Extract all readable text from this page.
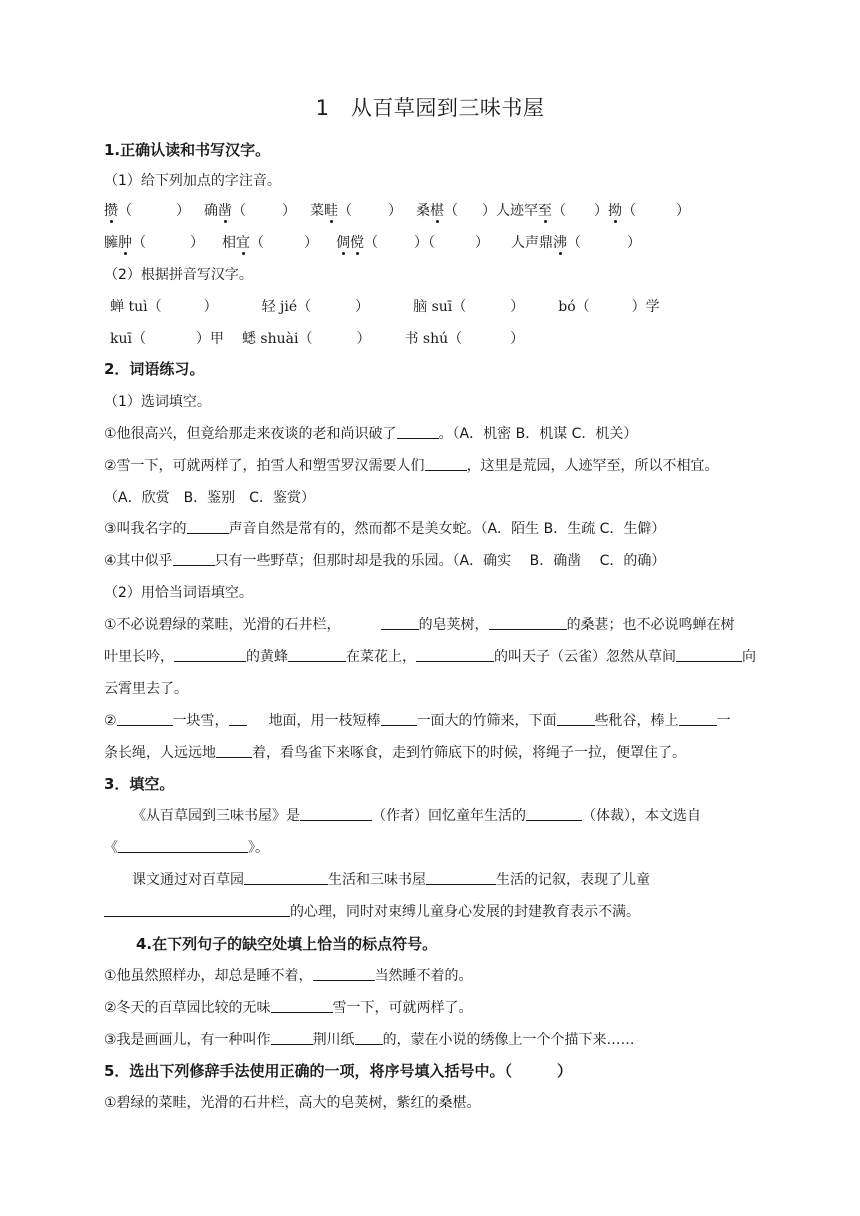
1　从百草园到三味书屋
1.正确认读和书写汉字。
（1）给下列加点的字注音。
攒（	） 确凿（	） 菜畦（	） 桑椹（ ）人迹罕至（ ）拗（	）
臃肿（	） 相宜（	） 倜傥（	）（	） 人声鼎沸（	）
（2）根据拼音写汉字。
蝉 tuì（	）	轻 jié（	）	脑 suī（	） bó（	）学
kuī（	）甲 蟋 shuài（	） 书 shú（	）
2．词语练习。
（1）选词填空。
①他很高兴，但竟给那走来夜谈的老和尚识破了	。（A．机密 B．机谋 C．机关）
②雪一下，可就两样了，拍雪人和塑雪罗汉需要人们	，这里是荒园，人迹罕至，所以不相宜。
（A．欣赏　B．鉴别　C．鉴赏）
③叫我名字的	声音自然是常有的，然而都不是美女蛇。（A．陌生 B．生疏 C．生僻）
④其中似乎	只有一些野草；但那时却是我的乐园。（A．确实　 B．确凿　 C．的确）
（2）用恰当词语填空。
①不必说碧绿的菜畦，光滑的石井栏，	的皂荚树，	的桑葚；也不必说鸣蝉在树
叶里长吟，	的黄蜂	在菜花上，	的叫天子（云雀）忽然从草间	向
云霄里去了。
②	一块雪，	地面，用一枝短棒	一面大的竹筛来，下面	些秕谷，棒上	一
条长绳，人远远地	着，看鸟雀下来啄食，走到竹筛底下的时候，将绳子一拉，便罩住了。
3．填空。
《从百草园到三味书屋》是	（作者）回忆童年生活的	（体裁），本文选自
《	》。
课文通过对百草园	生活和三味书屋	生活的记叙，表现了儿童
的心理，同时对束缚儿童身心发展的封建教育表示不满。
4.在下列句子的缺空处填上恰当的标点符号。
①他虽然照样办，却总是睡不着，	当然睡不着的。
②冬天的百草园比较的无味	雪一下，可就两样了。
③我是画画儿，有一种叫作	荆川纸 的，蒙在小说的绣像上一个个描下来……
5．选出下列修辞手法使用正确的一项，将序号填入括号中。（　　　）
①碧绿的菜畦，光滑的石井栏，高大的皂荚树，紫红的桑椹。
